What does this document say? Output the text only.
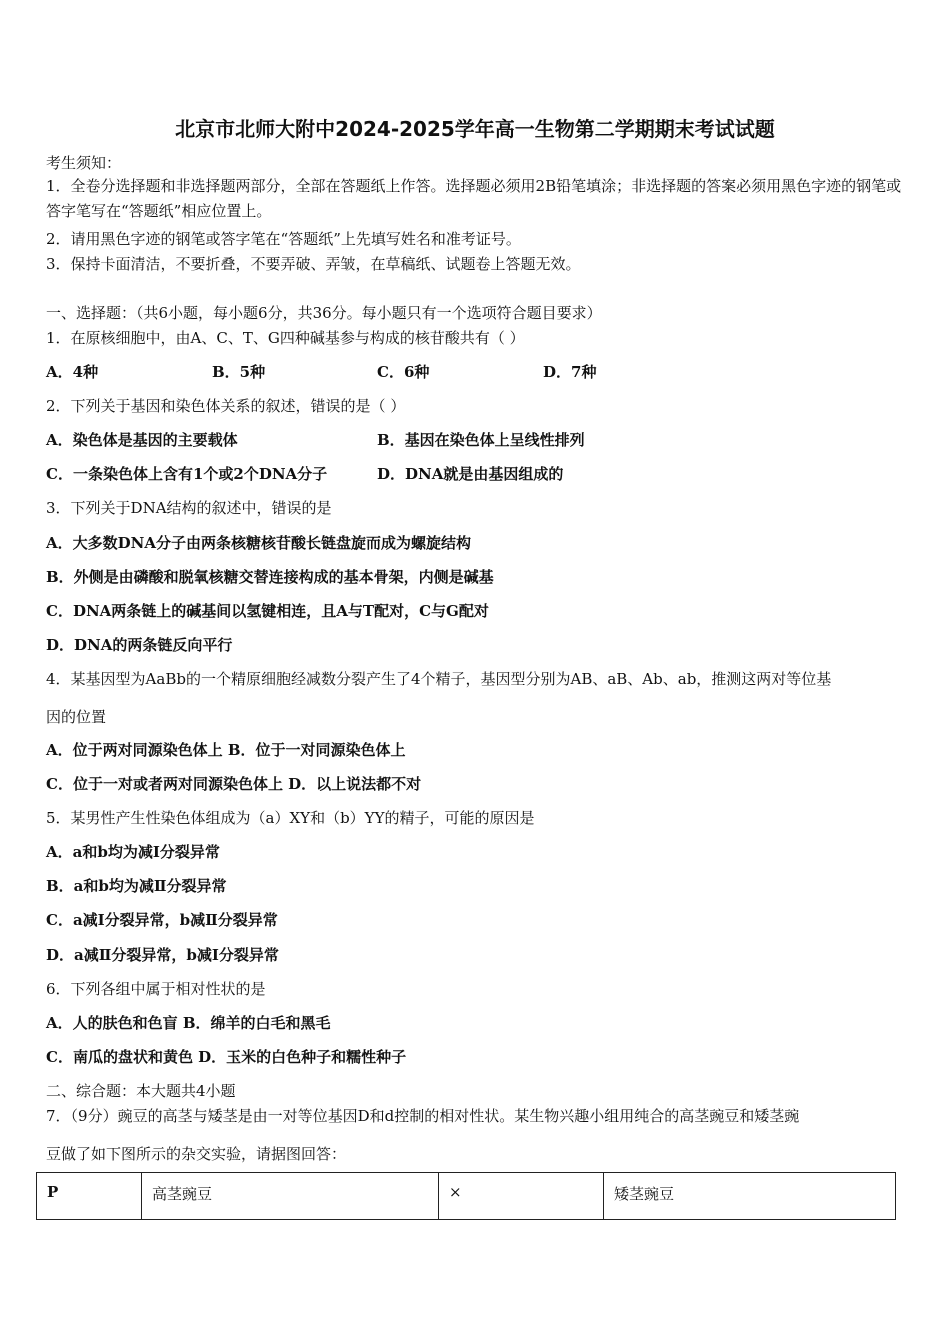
北京市北师大附中2024-2025学年高一生物第二学期期末考试试题
考生须知：
1．全卷分选择题和非选择题两部分，全部在答题纸上作答。选择题必须用2B铅笔填涂；非选择题的答案必须用黑色字迹的钢笔或答字笔写在“答题纸”相应位置上。
2．请用黑色字迹的钢笔或答字笔在“答题纸”上先填写姓名和准考证号。
3．保持卡面清洁，不要折叠，不要弄破、弄皱，在草稿纸、试题卷上答题无效。
一、选择题：（共6小题，每小题6分，共36分。每小题只有一个选项符合题目要求）
1．在原核细胞中，由A、C、T、G四种碱基参与构成的核苷酸共有（ ）
A．4种	B．5种	C．6种	D．7种
2．下列关于基因和染色体关系的叙述，错误的是（ ）
A．染色体是基因的主要载体	B．基因在染色体上呈线性排列
C．一条染色体上含有1个或2个DNA分子	D．DNA就是由基因组成的
3．下列关于DNA结构的叙述中，错误的是
A．大多数DNA分子由两条核糖核苷酸长链盘旋而成为螺旋结构
B．外侧是由磷酸和脱氧核糖交替连接构成的基本骨架，内侧是碱基
C．DNA两条链上的碱基间以氢键相连，且A与T配对，C与G配对
D．DNA的两条链反向平行
4．某基因型为AaBb的一个精原细胞经减数分裂产生了4个精子，基因型分别为AB、aB、Ab、ab，推测这两对等位基
因的位置
A．位于两对同源染色体上 B．位于一对同源染色体上
C．位于一对或者两对同源染色体上 D．以上说法都不对
5．某男性产生性染色体组成为（a）XY和（b）YY的精子，可能的原因是
A．a和b均为减Ⅰ分裂异常
B．a和b均为减Ⅱ分裂异常
C．a减Ⅰ分裂异常，b减Ⅱ分裂异常
D．a减Ⅱ分裂异常，b减Ⅰ分裂异常
6．下列各组中属于相对性状的是
A．人的肤色和色盲 B．绵羊的白毛和黑毛
C．南瓜的盘状和黄色 D．玉米的白色种子和糯性种子
二、综合题：本大题共4小题
7．（9分）豌豆的高茎与矮茎是由一对等位基因D和d控制的相对性状。某生物兴趣小组用纯合的高茎豌豆和矮茎豌
豆做了如下图所示的杂交实验，请据图回答：
P	高茎豌豆	×	矮茎豌豆
